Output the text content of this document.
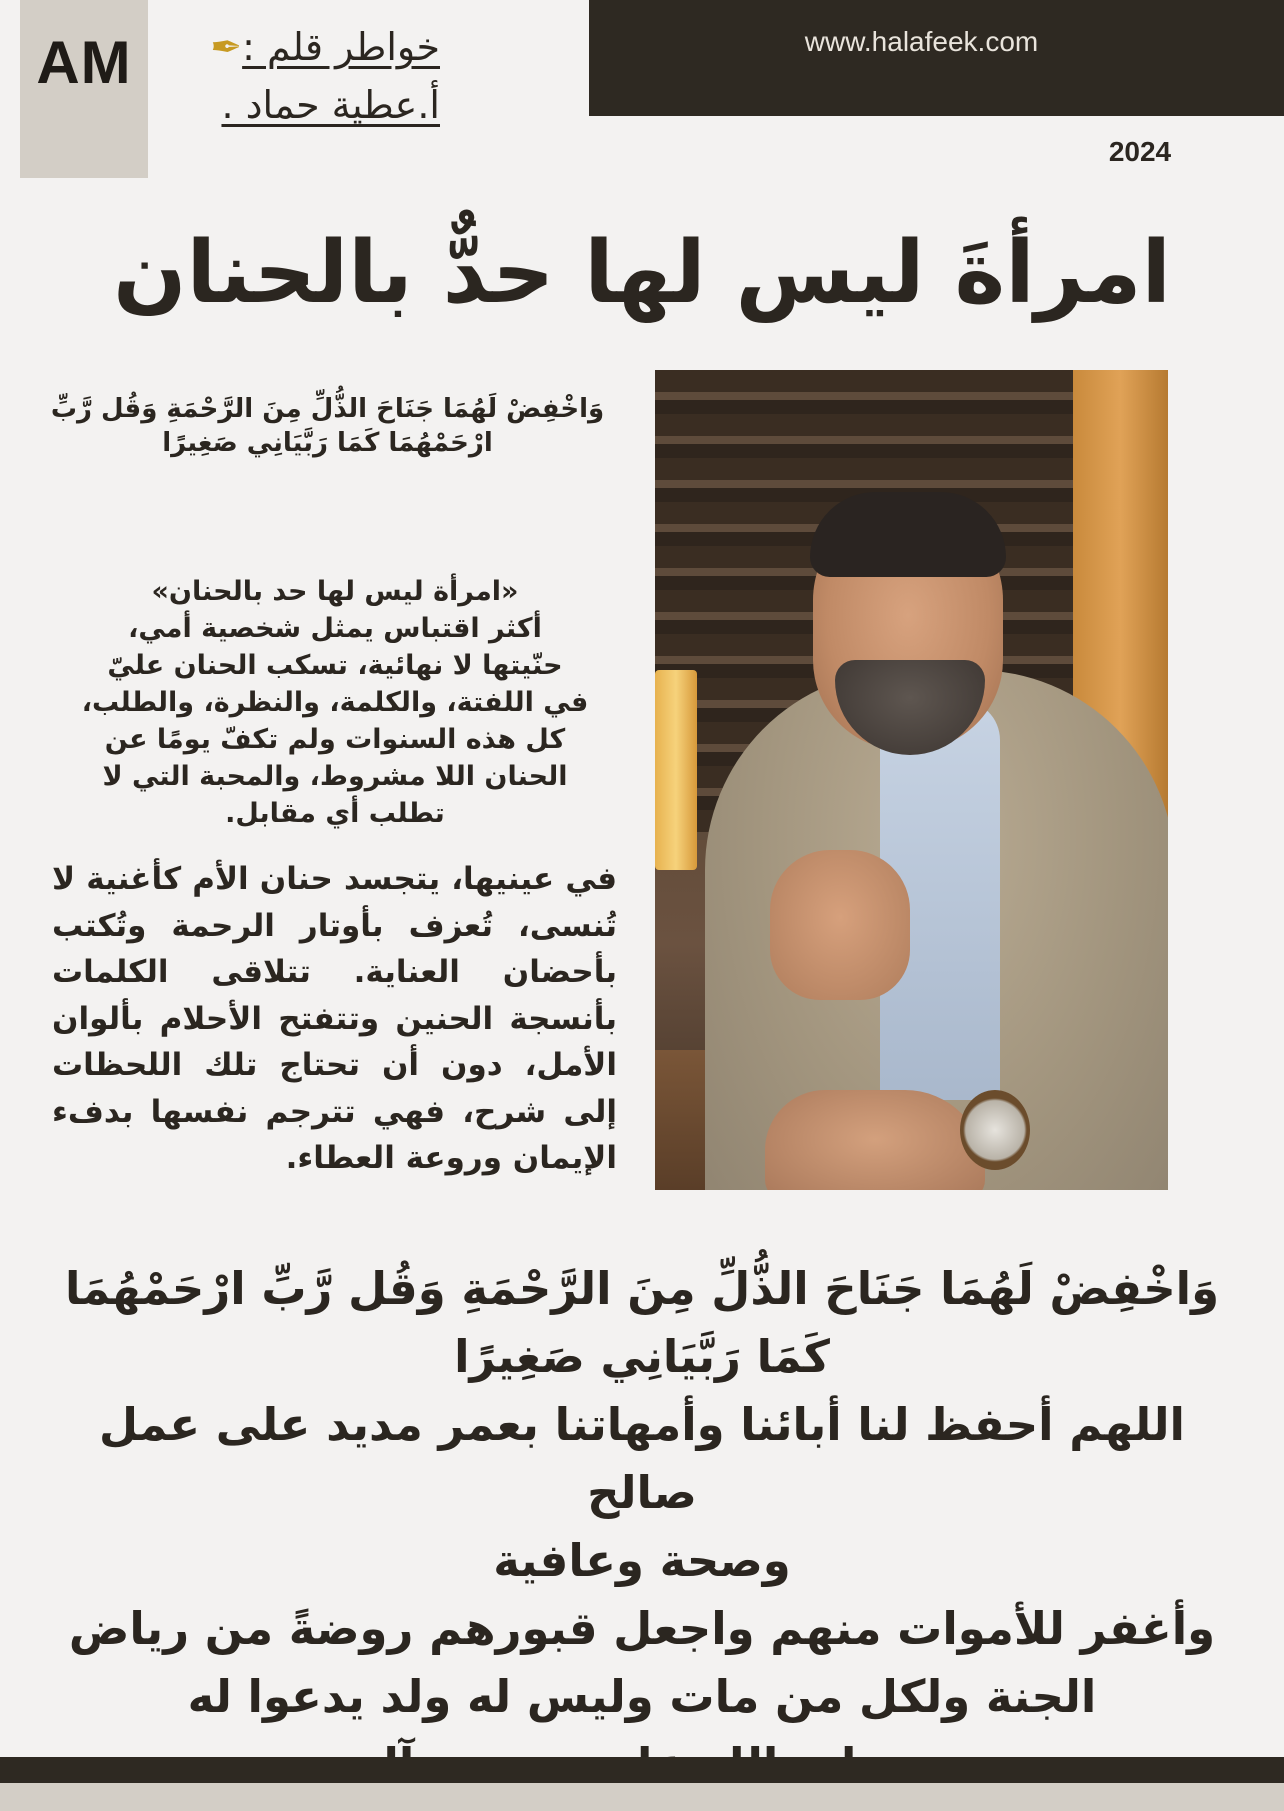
AM	خواطر قلم :✒
أ.عطية حماد .
www.halafeek.com
2024
امرأةَ ليس لها حدٌّ بالحنان

وَاخْفِضْ لَهُمَا جَنَاحَ الذُّلِّ مِنَ الرَّحْمَةِ وَقُل رَّبِّ ارْحَمْهُمَا كَمَا رَبَّيَانِي صَغِيرًا

«امرأة ليس لها حد بالحنان»
أكثر اقتباس يمثل شخصية أمي،
حنّيتها لا نهائية، تسكب الحنان عليّ
في اللفتة، والكلمة، والنظرة، والطلب،
كل هذه السنوات ولم تكفّ يومًا عن
الحنان اللا مشروط، والمحبة التي لا
تطلب أي مقابل.

في عينيها، يتجسد حنان الأم كأغنية لا تُنسى، تُعزف بأوتار الرحمة وتُكتب بأحضان العناية. تتلاقى الكلمات بأنسجة الحنين وتتفتح الأحلام بألوان الأمل، دون أن تحتاج تلك اللحظات إلى شرح، فهي تترجم نفسها بدفء الإيمان وروعة العطاء.

وَاخْفِضْ لَهُمَا جَنَاحَ الذُّلِّ مِنَ الرَّحْمَةِ وَقُل رَّبِّ ارْحَمْهُمَا
كَمَا رَبَّيَانِي صَغِيرًا
اللهم أحفظ لنا أبائنا وأمهاتنا بعمر مديد على عمل صالح
وصحة وعافية
وأغفر للأموات منهم واجعل قبورهم روضةً من رياض
الجنة ولكل من مات وليس له ولد يدعوا له
